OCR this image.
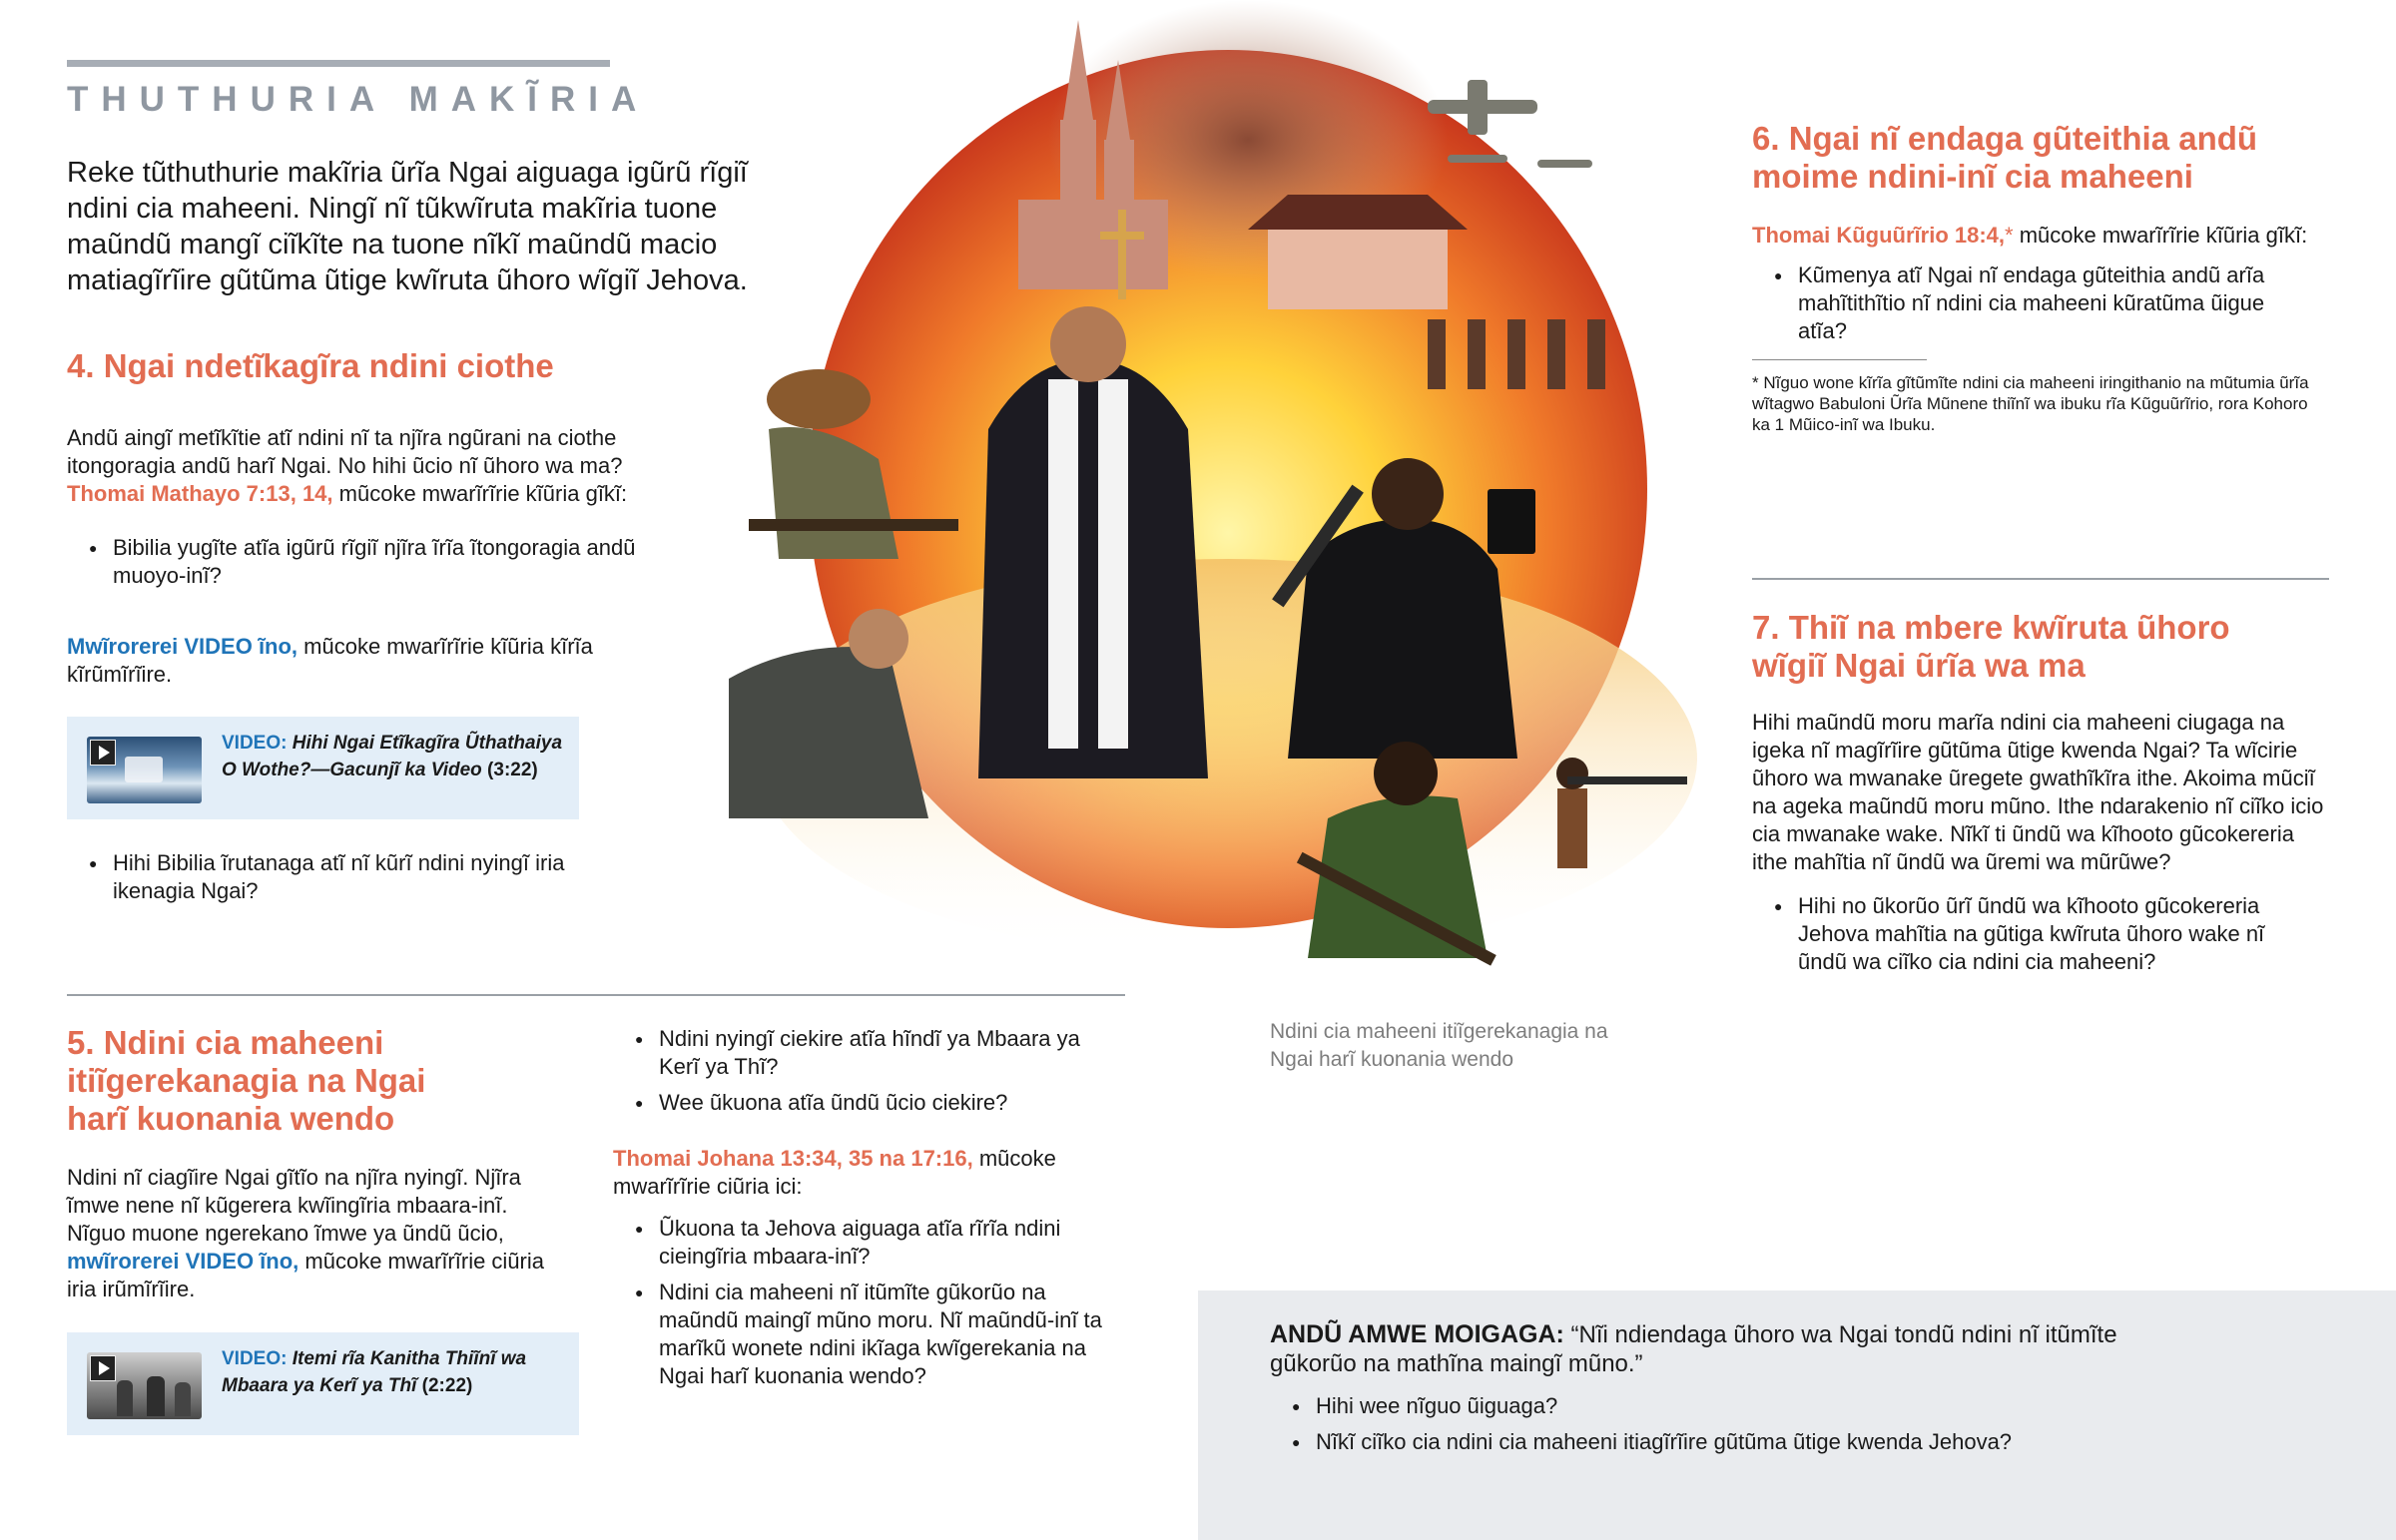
THUTHURIA MAKĨRIA
Reke tũthuthurie makĩria ũrĩa Ngai aiguaga igũrũ rĩgiĩ ndini cia maheeni. Ningĩ nĩ tũkwĩruta makĩria tuone maũndũ mangĩ ciĩkĩte na tuone nĩkĩ maũndũ macio matiagĩrĩire gũtũma ũtige kwĩruta ũhoro wĩgiĩ Jehova.
4. Ngai ndetĩkagĩra ndini ciothe
Andũ aingĩ metĩkĩtie atĩ ndini nĩ ta njĩra ngũrani na ciothe itongoragia andũ harĩ Ngai. No hihi ũcio nĩ ũhoro wa ma?
Thomai Mathayo 7:13, 14, mũcoke mwarĩrĩrie kĩũria gĩkĩ:
● Bibilia yugĩte atĩa igũrũ rĩgiĩ njĩra ĩrĩa ĩtongoragia andũ muoyo-inĩ?
Mwĩrorerei VIDEO ĩno, mũcoke mwarĩrĩrie kĩũria kĩrĩa kĩrũmĩrĩire.
VIDEO: Hihi Ngai Etĩkagĩra Ũthathaiya O Wothe?—Gacunjĩ ka Video (3:22)
● Hihi Bibilia ĩrutanaga atĩ nĩ kũrĩ ndini nyingĩ iria ikenagia Ngai?
5. Ndini cia maheeni
itiĩgerekanagia na Ngai
harĩ kuonania wendo
Ndini nĩ ciagĩire Ngai gĩtĩo na njĩra nyingĩ. Njĩra ĩmwe nene nĩ kũgerera kwĩingĩria mbaara-inĩ. Nĩguo muone ngerekano ĩmwe ya ũndũ ũcio, mwĩrorerei VIDEO ĩno, mũcoke mwarĩrĩrie ciũria iria irũmĩrĩire.
VIDEO: Itemi rĩa Kanitha Thiĩnĩ wa Mbaara ya Kerĩ ya Thĩ (2:22)
● Ndini nyingĩ ciekire atĩa hĩndĩ ya Mbaara ya Kerĩ ya Thĩ?
● Wee ũkuona atĩa ũndũ ũcio ciekire?
Thomai Johana 13:34, 35 na 17:16, mũcoke mwarĩrĩrie ciũria ici:
● Ũkuona ta Jehova aiguaga atĩa rĩrĩa ndini cieingĩria mbaara-inĩ?
● Ndini cia maheeni nĩ itũmĩte gũkorũo na maũndũ maingĩ mũno moru. Nĩ maũndũ-inĩ ta marĩkũ wonete ndini ikĩaga kwĩgerekania na Ngai harĩ kuonania wendo?
Ndini cia maheeni itiĩgerekanagia na Ngai harĩ kuonania wendo
6. Ngai nĩ endaga gũteithia andũ
moime ndini-inĩ cia maheeni
Thomai Kũguũrĩrio 18:4,* mũcoke mwarĩrĩrie kĩũria gĩkĩ:
● Kũmenya atĩ Ngai nĩ endaga gũteithia andũ arĩa mahĩtithĩtio nĩ ndini cia maheeni kũratũma ũigue atĩa?
* Nĩguo wone kĩrĩa gĩtũmĩte ndini cia maheeni iringithanio na mũtumia ũrĩa wĩtagwo Babuloni Ũrĩa Mũnene thiĩnĩ wa ibuku rĩa Kũguũrĩrio, rora Kohoro ka 1 Mũico-inĩ wa Ibuku.
7. Thiĩ na mbere kwĩruta ũhoro
wĩgiĩ Ngai ũrĩa wa ma
Hihi maũndũ moru marĩa ndini cia maheeni ciugaga na igeka nĩ magĩrĩire gũtũma ũtige kwenda Ngai? Ta wĩcirie ũhoro wa mwanake ũregete gwathĩkĩra ithe. Akoima mũciĩ na ageka maũndũ moru mũno. Ithe ndarakenio nĩ ciĩko icio cia mwanake wake. Nĩkĩ ti ũndũ wa kĩhooto gũcokereria ithe mahĩtia nĩ ũndũ wa ũremi wa mũrũwe?
● Hihi no ũkorũo ũrĩ ũndũ wa kĩhooto gũcokereria Jehova mahĩtia na gũtiga kwĩruta ũhoro wake nĩ ũndũ wa ciĩko cia ndini cia maheeni?
ANDŨ AMWE MOIGAGA: “Nĩi ndiendaga ũhoro wa Ngai tondũ ndini nĩ itũmĩte gũkorũo na mathĩna maingĩ mũno.”
● Hihi wee nĩguo ũiguaga?
● Nĩkĩ ciĩko cia ndini cia maheeni itiagĩrĩire gũtũma ũtige kwenda Jehova?
